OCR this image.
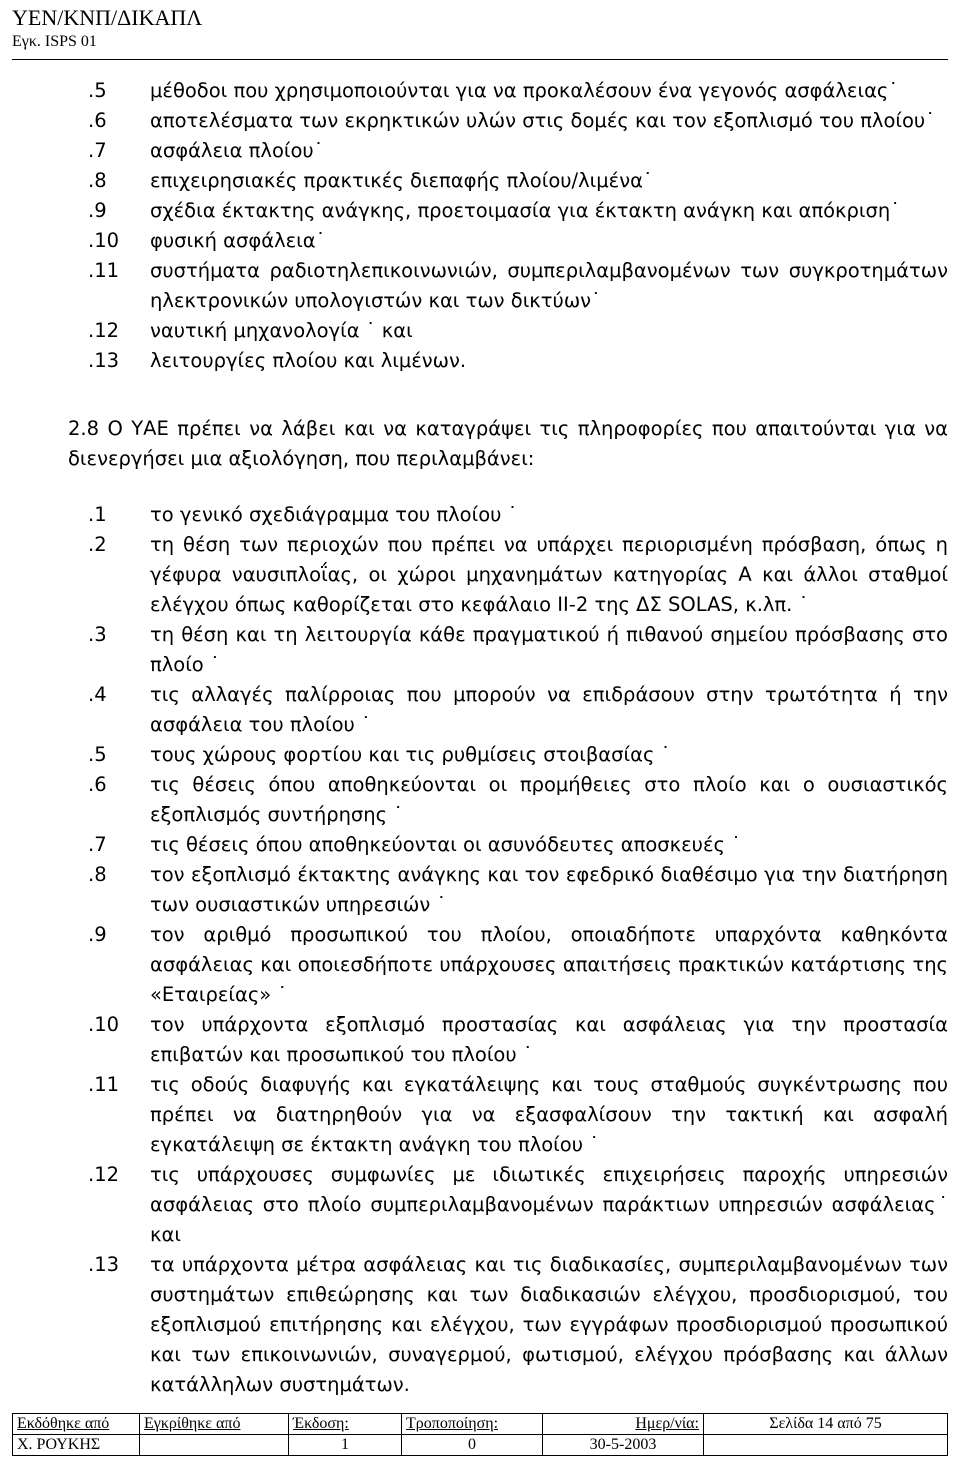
ΥΕΝ/ΚΝΠ/ΔΙΚΑΠΛ
Εγκ. ISPS 01
.5 μέθοδοι που χρησιμοποιούνται για να προκαλέσουν ένα γεγονός ασφάλειας˙
.6 αποτελέσματα των εκρηκτικών υλών στις δομές και τον εξοπλισμό του πλοίου˙
.7 ασφάλεια πλοίου˙
.8 επιχειρησιακές πρακτικές διεπαφής πλοίου/λιμένα˙
.9 σχέδια έκτακτης ανάγκης, προετοιμασία για έκτακτη ανάγκη και απόκριση˙
.10 φυσική ασφάλεια˙
.11 συστήματα ραδιοτηλεπικοινωνιών, συμπεριλαμβανομένων των συγκροτημάτων ηλεκτρονικών υπολογιστών και των δικτύων˙
.12 ναυτική μηχανολογία ˙ και
.13 λειτουργίες πλοίου και λιμένων.
2.8 Ο ΥΑΕ πρέπει να λάβει και να καταγράψει τις πληροφορίες που απαιτούνται για να διενεργήσει μια αξιολόγηση, που περιλαμβάνει:
.1 το γενικό σχεδιάγραμμα του πλοίου ˙
.2 τη θέση των περιοχών που πρέπει να υπάρχει περιορισμένη πρόσβαση, όπως η γέφυρα ναυσιπλοΐας, οι χώροι μηχανημάτων κατηγορίας Α και άλλοι σταθμοί ελέγχου όπως καθορίζεται στο κεφάλαιο ΙΙ-2 της ΔΣ SOLAS, κ.λπ. ˙
.3 τη θέση και τη λειτουργία κάθε πραγματικού ή πιθανού σημείου πρόσβασης στο πλοίο ˙
.4 τις αλλαγές παλίρροιας που μπορούν να επιδράσουν στην τρωτότητα ή την ασφάλεια του πλοίου ˙
.5 τους χώρους φορτίου και τις ρυθμίσεις στοιβασίας ˙
.6 τις θέσεις όπου αποθηκεύονται οι προμήθειες στο πλοίο και ο ουσιαστικός εξοπλισμός συντήρησης ˙
.7 τις θέσεις όπου αποθηκεύονται οι ασυνόδευτες αποσκευές ˙
.8 τον εξοπλισμό έκτακτης ανάγκης και τον εφεδρικό διαθέσιμο για την διατήρηση των ουσιαστικών υπηρεσιών ˙
.9 τον αριθμό προσωπικού του πλοίου, οποιαδήποτε υπαρχόντα καθηκόντα ασφάλειας και οποιεσδήποτε υπάρχουσες απαιτήσεις πρακτικών κατάρτισης της «Εταιρείας» ˙
.10 τον υπάρχοντα εξοπλισμό προστασίας και ασφάλειας για την προστασία επιβατών και προσωπικού του πλοίου ˙
.11 τις οδούς διαφυγής και εγκατάλειψης και τους σταθμούς συγκέντρωσης που πρέπει να διατηρηθούν για να εξασφαλίσουν την τακτική και ασφαλή εγκατάλειψη σε έκτακτη ανάγκη του πλοίου ˙
.12 τις υπάρχουσες συμφωνίες με ιδιωτικές επιχειρήσεις παροχής υπηρεσιών ασφάλειας στο πλοίο συμπεριλαμβανομένων παράκτιων υπηρεσιών ασφάλειας˙ και
.13 τα υπάρχοντα μέτρα ασφάλειας και τις διαδικασίες, συμπεριλαμβανομένων των συστημάτων επιθεώρησης και των διαδικασιών ελέγχου, προσδιορισμού, του εξοπλισμού επιτήρησης και ελέγχου, των εγγράφων προσδιορισμού προσωπικού και των επικοινωνιών, συναγερμού, φωτισμού, ελέγχου πρόσβασης και άλλων κατάλληλων συστημάτων.
Εκδόθηκε από	Εγκρίθηκε από	Έκδοση:	Τροποποίηση:	Ημερ/νία:	Σελίδα 14 από 75
Χ. ΡΟΥΚΗΣ		1	0	30-5-2003	
